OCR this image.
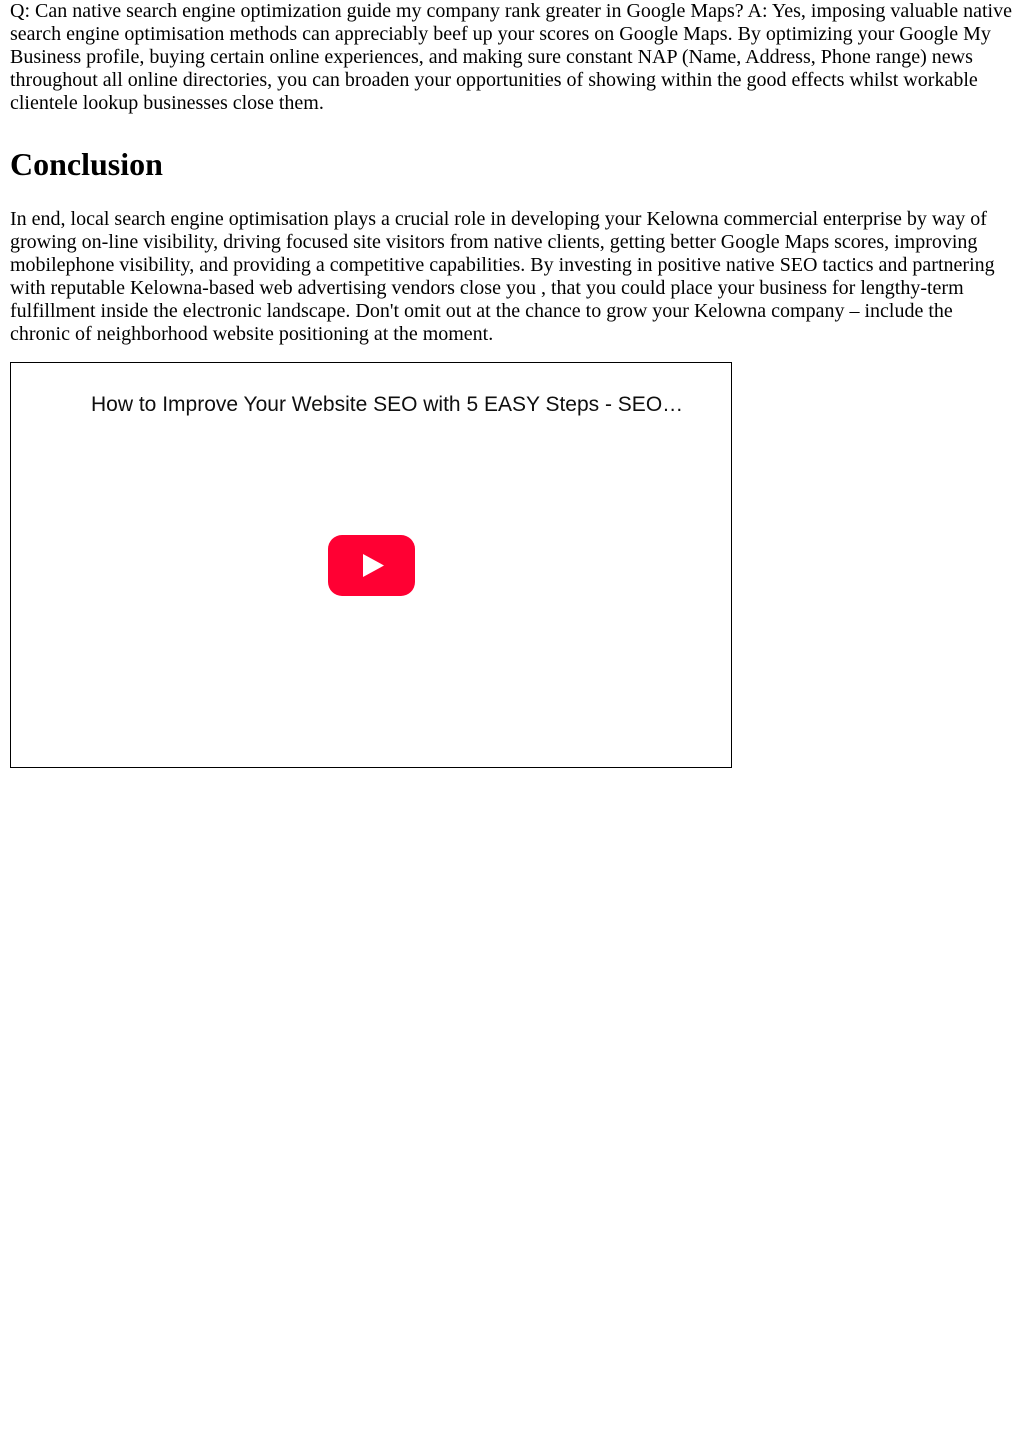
Q: Can native search engine optimization guide my company rank greater in Google Maps? A: Yes, imposing valuable native search engine optimisation methods can appreciably beef up your scores on Google Maps. By optimizing your Google My Business profile, buying certain online experiences, and making sure constant NAP (Name, Address, Phone range) news throughout all online directories, you can broaden your opportunities of showing within the good effects whilst workable clientele lookup businesses close them.

Conclusion

In end, local search engine optimisation plays a crucial role in developing your Kelowna commercial enterprise by way of growing on-line visibility, driving focused site visitors from native clients, getting better Google Maps scores, improving mobilephone visibility, and providing a competitive capabilities. By investing in positive native SEO tactics and partnering with reputable Kelowna-based web advertising vendors close you , that you could place your business for lengthy-term fulfillment inside the electronic landscape. Don't omit out at the chance to grow your Kelowna company – include the chronic of neighborhood website positioning at the moment.

How to Improve Your Website SEO with 5 EASY Steps - SEO…
